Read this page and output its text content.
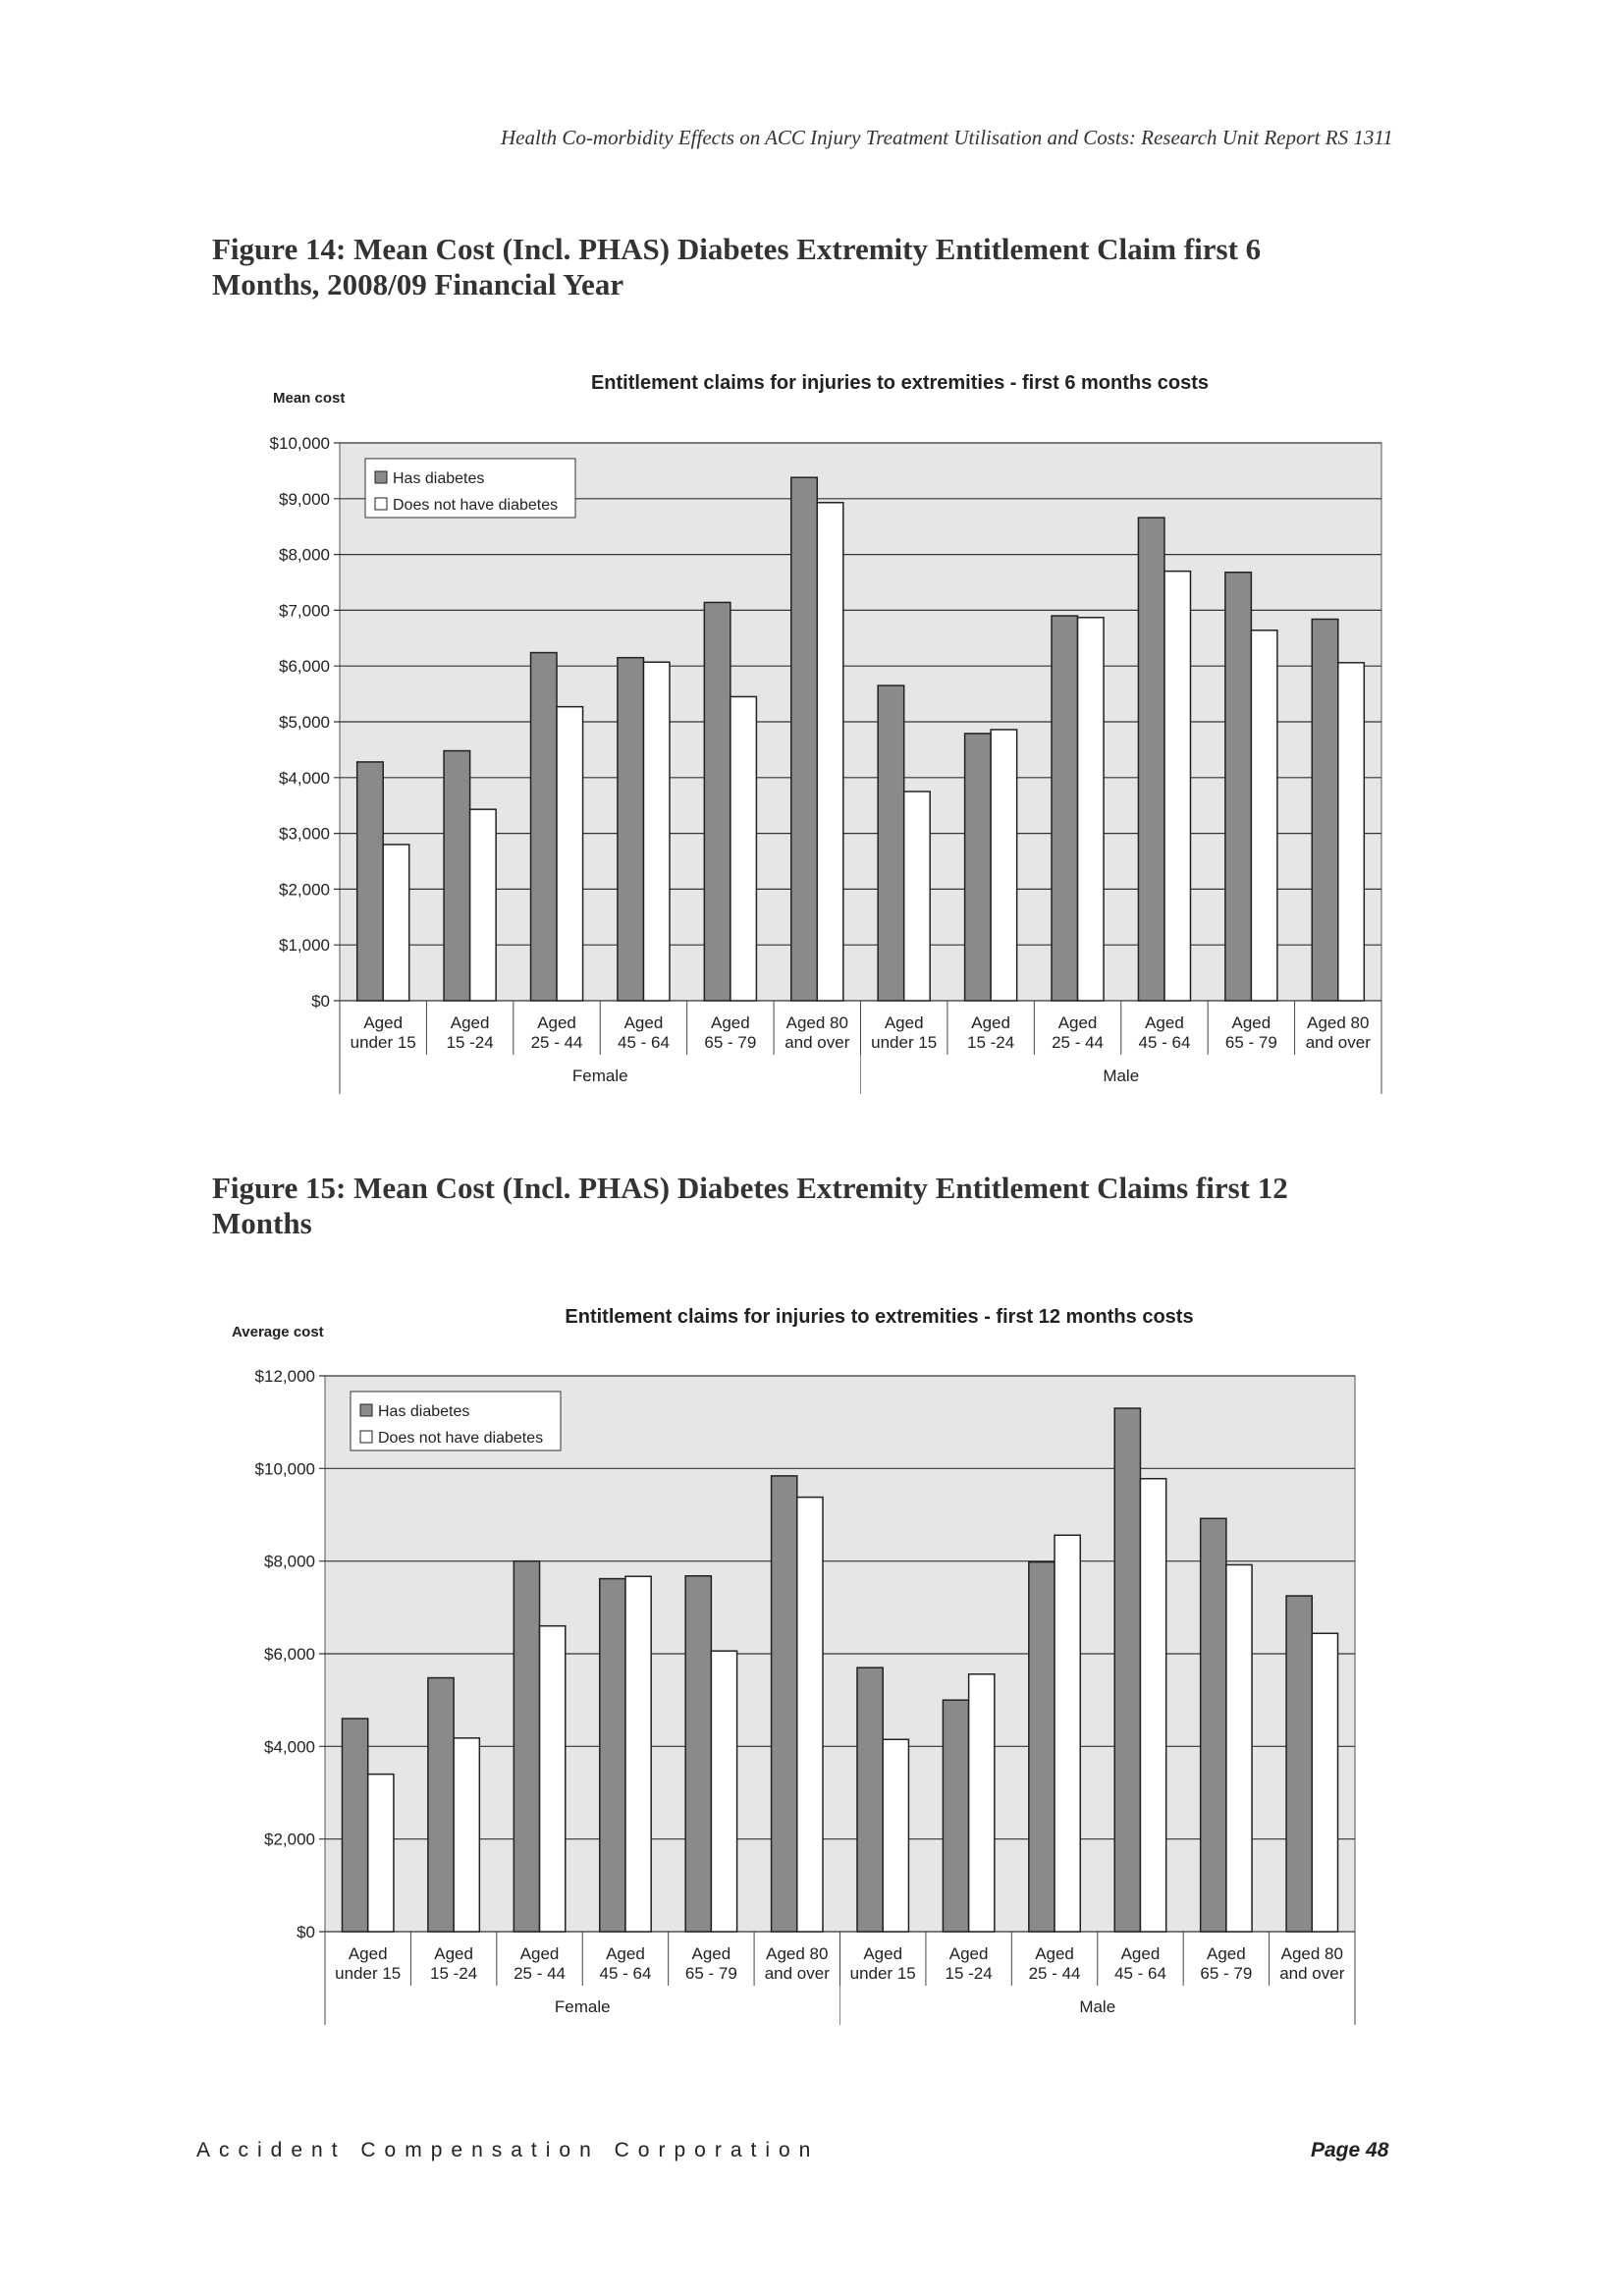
Health Co-morbidity Effects on ACC Injury Treatment Utilisation and Costs: Research Unit Report RS 1311
Figure 14: Mean Cost (Incl. PHAS) Diabetes Extremity Entitlement Claim first 6
Months, 2008/09 Financial Year
Figure 15: Mean Cost (Incl. PHAS) Diabetes Extremity Entitlement Claims first 12
Months
Entitlement claims for injuries to extremities - first 6 months costs
Mean cost
$0
$1,000
$2,000
$3,000
$4,000
$5,000
$6,000
$7,000
$8,000
$9,000
$10,000
Aged
under 15
Aged
15 -24
Aged
25 - 44
Aged
45 - 64
Aged
65 - 79
Aged 80
and over
Aged
under 15
Aged
15 -24
Aged
25 - 44
Aged
45 - 64
Aged
65 - 79
Aged 80
and over
Female	Male
Has diabetes
Does not have diabetes
Entitlement claims for injuries to extremities - first 12 months costs
Average cost
$0
$2,000
$4,000
$6,000
$8,000
$10,000
$12,000
Aged
under 15
Aged
15 -24
Aged
25 - 44
Aged
45 - 64
Aged
65 - 79
Aged 80
and over
Aged
under 15
Aged
15 -24
Aged
25 - 44
Aged
45 - 64
Aged
65 - 79
Aged 80
and over
Female	Male
Has diabetes
Does not have diabetes
Accident Compensation Corporation	Page 48
